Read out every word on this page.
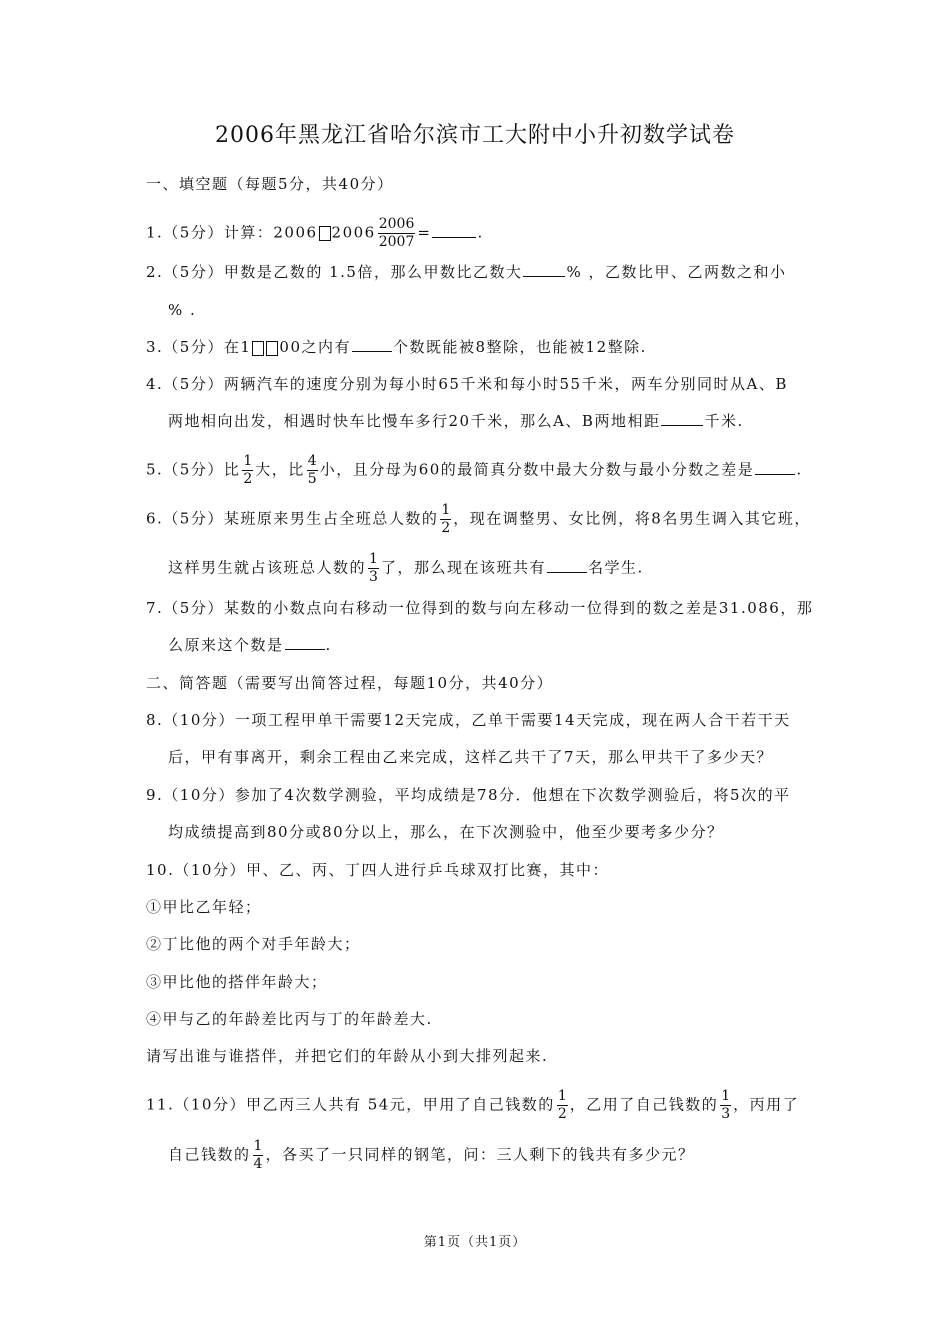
2006年黑龙江省哈尔滨市工大附中小升初数学试卷
一、填空题（每题5分，共40分）
1.（5分）计算：2006 $2006 \frac{2006}{2007}$ =	.
2.（5分）甲数是乙数的 1.5倍，那么甲数比乙数大	% ，乙数比甲、乙两数之和小
% .
3.（5分）在1 00之内有	个数既能被8整除，也能被12整除.
4.（5分）两辆汽车的速度分别为每小时65千米和每小时55千米，两车分别同时从A、B
两地相向出发，相遇时快车比慢车多行20千米，那么A、B两地相距	千米.
5.（5分）比 $\frac{1}{2}$ 大，比 $\frac{4}{5}$ 小，且分母为60的最简真分数中最大分数与最小分数之差是	.
6.（5分）某班原来男生占全班总人数的 $\frac{1}{2}$ ，现在调整男、女比例，将8名男生调入其它班，
这样男生就占该班总人数的 $\frac{1}{3}$ 了，那么现在该班共有	名学生.
7.（5分）某数的小数点向右移动一位得到的数与向左移动一位得到的数之差是31.086，那
么原来这个数是	.
二、简答题（需要写出简答过程，每题10分，共40分）
8.（10分）一项工程甲单干需要12天完成，乙单干需要14天完成，现在两人合干若干天
后，甲有事离开，剩余工程由乙来完成，这样乙共干了7天，那么甲共干了多少天？
9.（10分）参加了4次数学测验，平均成绩是78分．他想在下次数学测验后，将5次的平
均成绩提高到80分或80分以上，那么，在下次测验中，他至少要考多少分？
10.（10分）甲、乙、丙、丁四人进行乒乓球双打比赛，其中：
①甲比乙年轻；
②丁比他的两个对手年龄大；
③甲比他的搭伴年龄大；
④甲与乙的年龄差比丙与丁的年龄差大.
请写出谁与谁搭伴，并把它们的年龄从小到大排列起来.
11.（10分）甲乙丙三人共有 54元，甲用了自己钱数的 $\frac{1}{2}$ ，乙用了自己钱数的 $\frac{1}{3}$ ，丙用了
自己钱数的 $\frac{1}{4}$ ，各买了一只同样的钢笔，问：三人剩下的钱共有多少元？
第1页（共1页）
